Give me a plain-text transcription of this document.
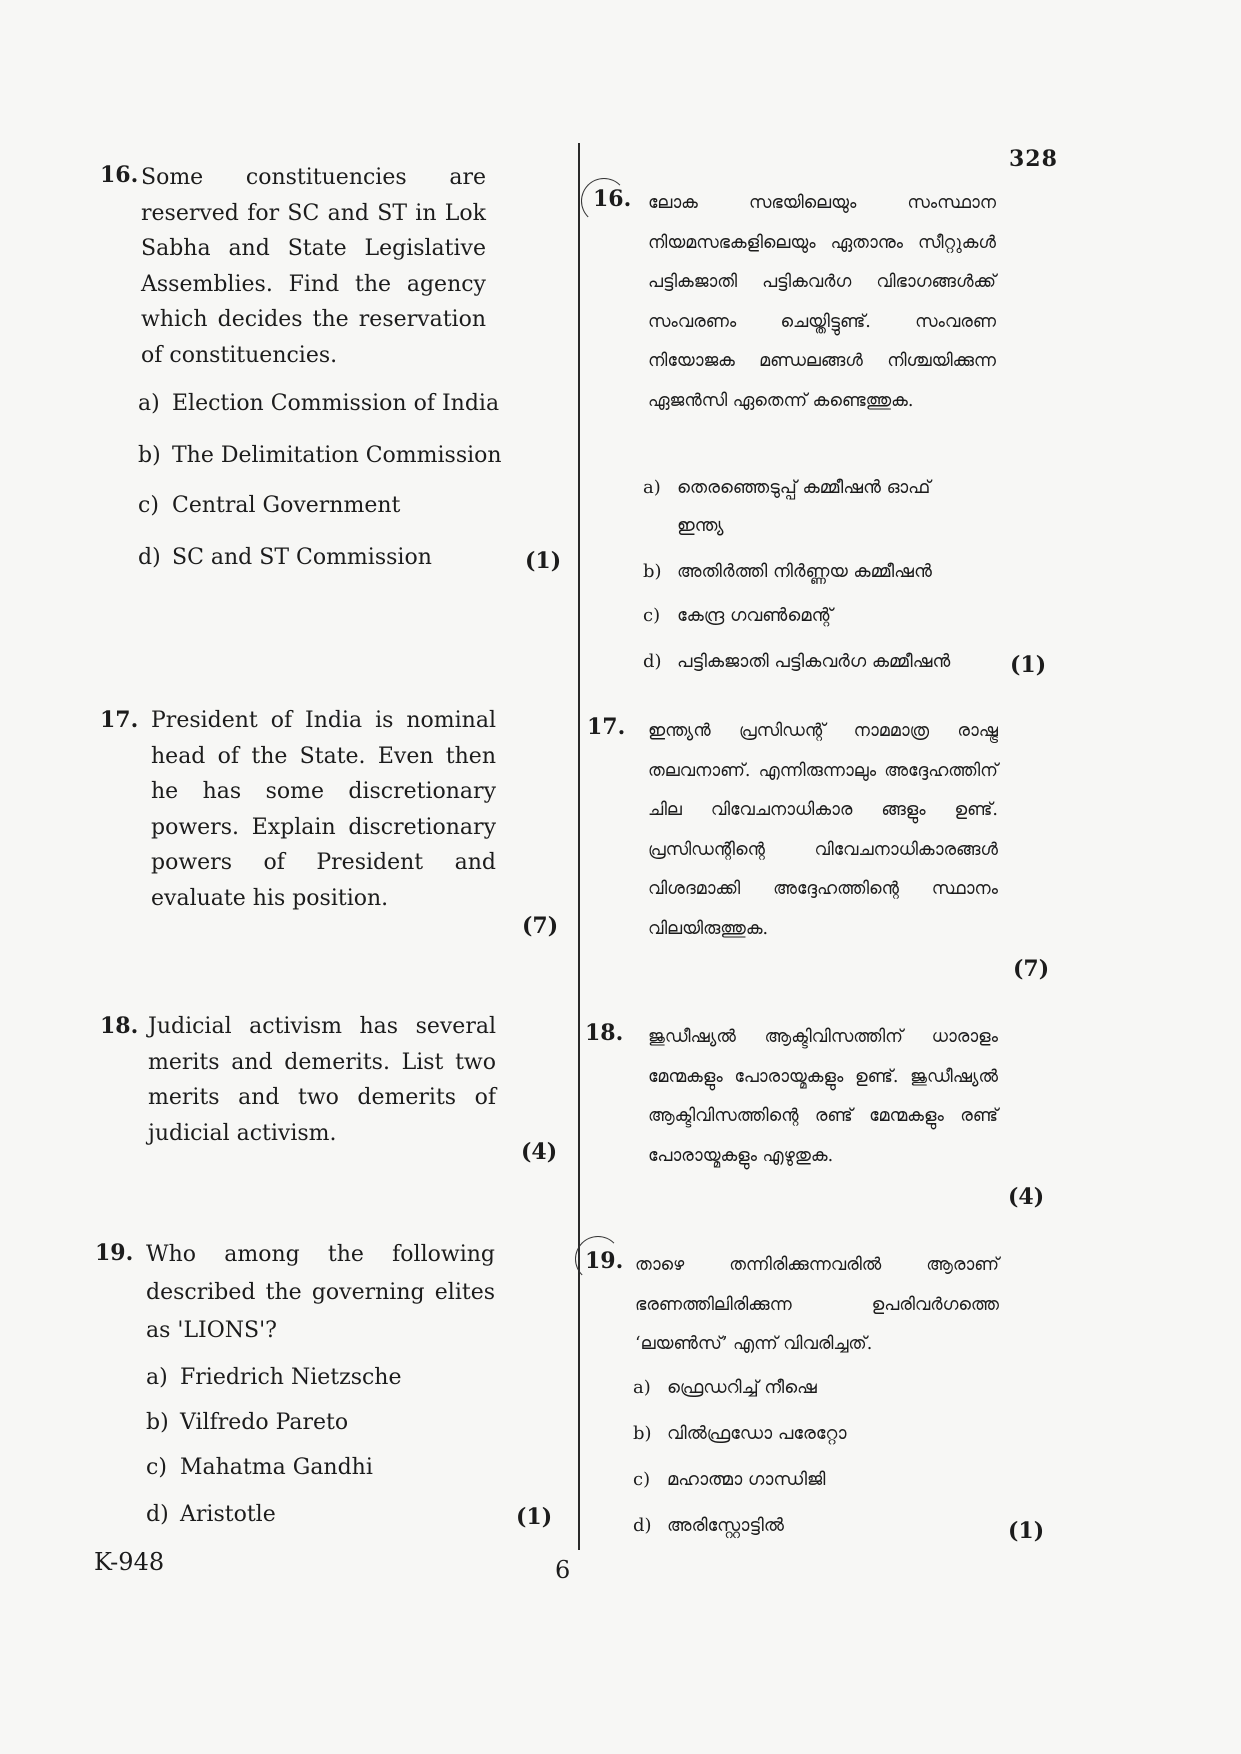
328
16. Some constituencies are reserved for SC and ST in Lok Sabha and State Legislative Assemblies. Find the agency which decides the reservation of constituencies.
a) Election Commission of India
b) The Delimitation Commission
c) Central Government
d) SC and ST Commission	(1)
17. President of India is nominal head of the State. Even then he has some discretionary powers. Explain discretionary powers of President and evaluate his position.
(7)
18. Judicial activism has several merits and demerits. List two merits and two demerits of judicial activism.
(4)
19. Who among the following described the governing elites as 'LIONS'?
a) Friedrich Nietzsche
b) Vilfredo Pareto
c) Mahatma Gandhi
d) Aristotle	(1)
16. ലോക സഭയിലെയും സംസ്ഥാന നിയമസഭകളിലെയും ഏതാനും സീറ്റുകൾ പട്ടികജാതി പട്ടികവർഗ വിഭാഗങ്ങൾക്ക് സംവരണം ചെയ്തിട്ടുണ്ട്. സംവരണ നിയോജക മണ്ഡലങ്ങൾ നിശ്ചയിക്കുന്ന ഏജൻസി ഏതെന്ന് കണ്ടെത്തുക.
a) തെരഞ്ഞെടുപ്പ് കമ്മീഷൻ ഓഫ്
ഇന്ത്യ
b) അതിർത്തി നിർണ്ണയ കമ്മീഷൻ
c) കേന്ദ്ര ഗവൺമെന്റ്
d) പട്ടികജാതി പട്ടികവർഗ കമ്മീഷൻ	(1)
17. ഇന്ത്യൻ പ്രസിഡന്റ് നാമമാത്ര രാഷ്ട്ര തലവനാണ്. എന്നിരുന്നാലും അദ്ദേഹത്തിന് ചില വിവേചനാധികാര ങ്ങളും ഉണ്ട്. പ്രസിഡന്റിന്റെ വിവേചനാധികാരങ്ങൾ വിശദമാക്കി അദ്ദേഹത്തിന്റെ സ്ഥാനം വിലയിരുത്തുക.
(7)
18. ജുഡീഷ്യൽ ആക്ടിവിസത്തിന് ധാരാളം മേന്മകളും പോരായ്മകളും ഉണ്ട്. ജുഡീഷ്യൽ ആക്ടിവിസത്തിന്റെ രണ്ട് മേന്മകളും രണ്ട് പോരായ്മകളും എഴുതുക.
(4)
19. താഴെ തന്നിരിക്കുന്നവരിൽ ആരാണ് ഭരണത്തിലിരിക്കുന്ന ഉപരിവർഗത്തെ ‘ലയൺസ്’ എന്ന് വിവരിച്ചത്.
a) ഫ്രെഡറിച്ച് നീഷെ
b) വിൽഫ്രഡോ പരേറ്റോ
c) മഹാത്മാ ഗാന്ധിജി
d) അരിസ്റ്റോട്ടിൽ	(1)
K-948	6
